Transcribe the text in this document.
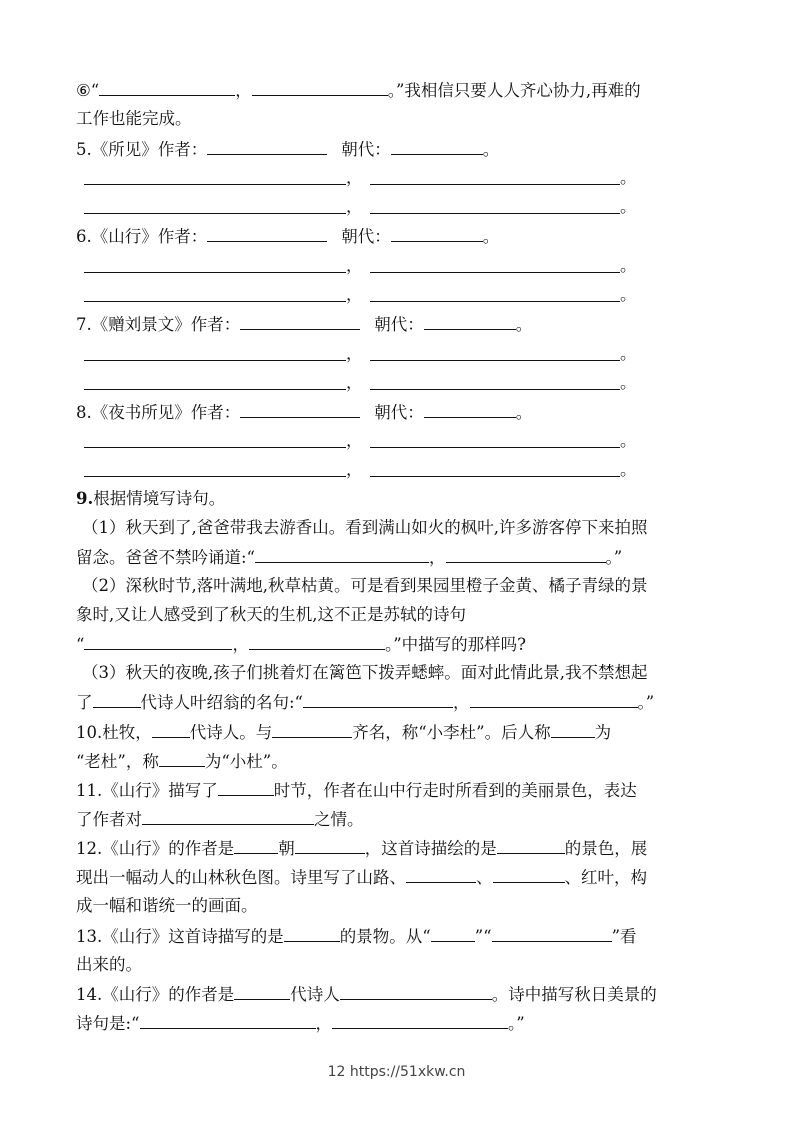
⑥“	，	。”我相信只要人人齐心协力,再难的
工作也能完成。
5.《所见》作者：	朝代：	。
，	。
，	。
6.《山行》作者：	朝代：	。
，	。
，	。
7.《赠刘景文》作者：	朝代：	。
，	。
，	。
8.《夜书所见》作者：	朝代：	。
，	。
，	。
9.根据情境写诗句。
（1）秋天到了,爸爸带我去游香山。看到满山如火的枫叶,许多游客停下来拍照
留念。爸爸不禁吟诵道:“	，	。”
（2）深秋时节,落叶满地,秋草枯黄。可是看到果园里橙子金黄、橘子青绿的景
象时,又让人感受到了秋天的生机,这不正是苏轼的诗句
“	，	。”中描写的那样吗?
（3）秋天的夜晚,孩子们挑着灯在篱笆下拨弄蟋蟀。面对此情此景,我不禁想起
了	代诗人叶绍翁的名句:“	，	。”
10.杜牧， 代诗人。与	齐名，称“小李杜”。后人称	为
“老杜”，称	为“小杜”。
11.《山行》描写了	时节，作者在山中行走时所看到的美丽景色，表达
了作者对	之情。
12.《山行》的作者是	朝	，这首诗描绘的是	的景色，展
现出一幅动人的山林秋色图。诗里写了山路、	、	、红叶，构
成一幅和谐统一的画面。
13.《山行》这首诗描写的是	的景物。从“	”“	”看
出来的。
14.《山行》的作者是	代诗人	。诗中描写秋日美景的
诗句是:“	，	。”
12 https://51xkw.cn
